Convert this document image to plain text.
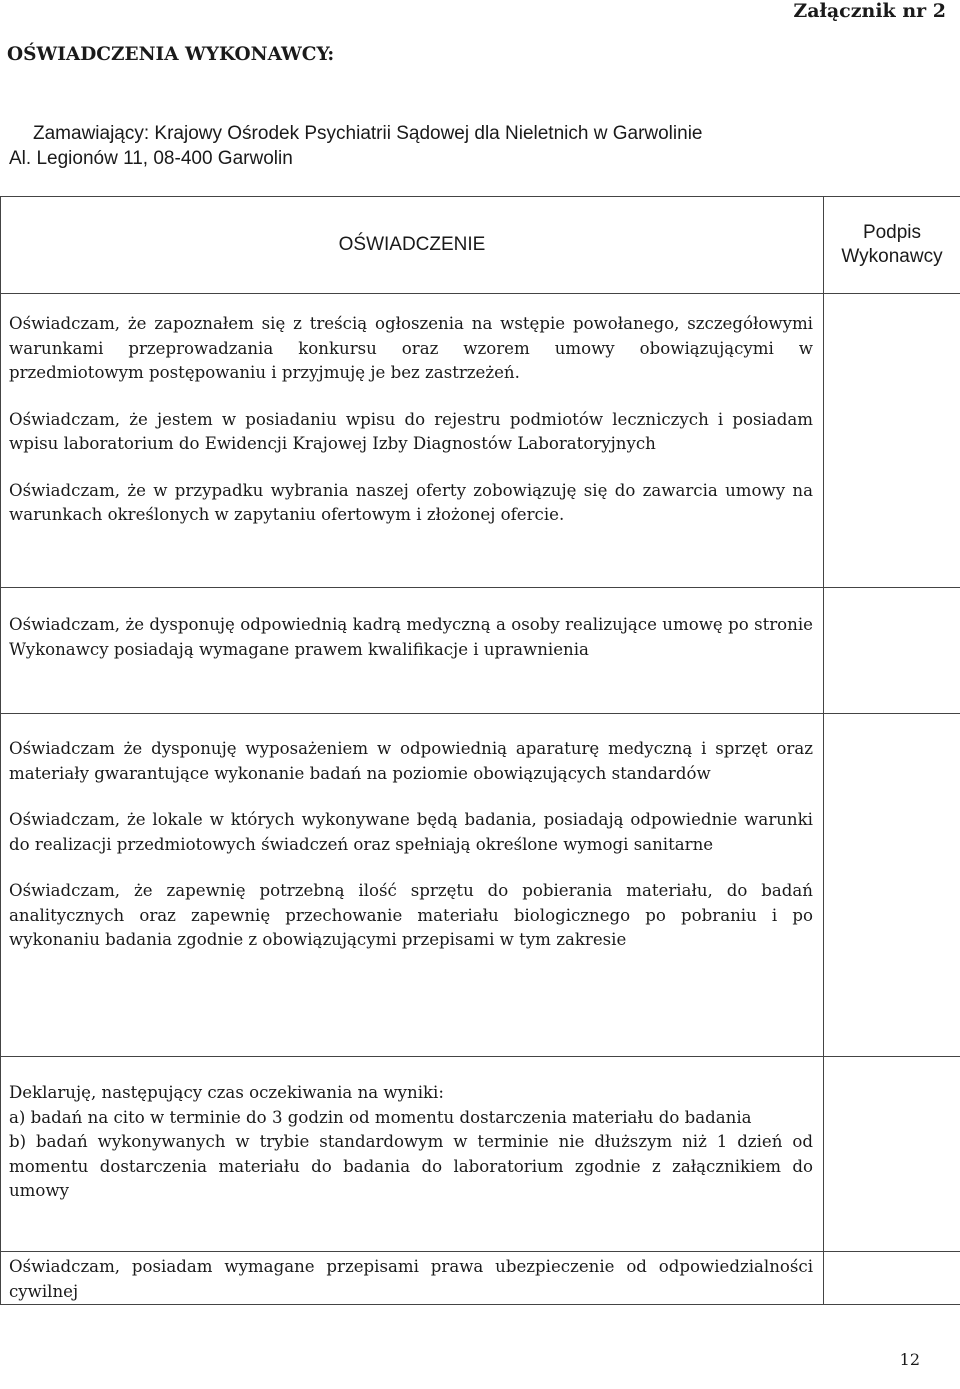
Załącznik nr 2
OŚWIADCZENIA WYKONAWCY:
Zamawiający: Krajowy Ośrodek Psychiatrii Sądowej dla Nieletnich w Garwolinie
Al. Legionów 11, 08-400 Garwolin
OŚWIADCZENIE	Podpis
Wykonawcy

Oświadczam, że zapoznałem się z treścią ogłoszenia na wstępie powołanego, szczegółowymi warunkami przeprowadzania konkursu oraz wzorem umowy obowiązującymi w przedmiotowym postępowaniu i przyjmuję je bez zastrzeżeń.
Oświadczam, że jestem w posiadaniu wpisu do rejestru podmiotów leczniczych i posiadam wpisu laboratorium do Ewidencji Krajowej Izby Diagnostów Laboratoryjnych
Oświadczam, że w przypadku wybrania naszej oferty zobowiązuję się do zawarcia umowy na warunkach określonych w zapytaniu ofertowym i złożonej ofercie.	

Oświadczam, że dysponuję odpowiednią kadrą medyczną a osoby realizujące umowę po stronie Wykonawcy posiadają wymagane prawem kwalifikacje i uprawnienia	

Oświadczam że dysponuję wyposażeniem w odpowiednią aparaturę medyczną i sprzęt oraz materiały gwarantujące wykonanie badań na poziomie obowiązujących standardów
Oświadczam, że lokale w których wykonywane będą badania, posiadają odpowiednie warunki do realizacji przedmiotowych świadczeń oraz spełniają określone wymogi sanitarne
Oświadczam, że zapewnię potrzebną ilość sprzętu do pobierania materiału, do badań analitycznych oraz zapewnię przechowanie materiału biologicznego po pobraniu i po wykonaniu badania zgodnie z obowiązującymi przepisami w tym zakresie	

Deklaruję, następujący czas oczekiwania na wyniki:
a) badań na cito w terminie do 3 godzin od momentu dostarczenia materiału do badania
b) badań wykonywanych w trybie standardowym w terminie nie dłuższym niż 1 dzień od momentu dostarczenia materiału do badania do laboratorium zgodnie z załącznikiem do umowy	

Oświadczam, posiadam wymagane przepisami prawa ubezpieczenie od odpowiedzialności cywilnej	

12
